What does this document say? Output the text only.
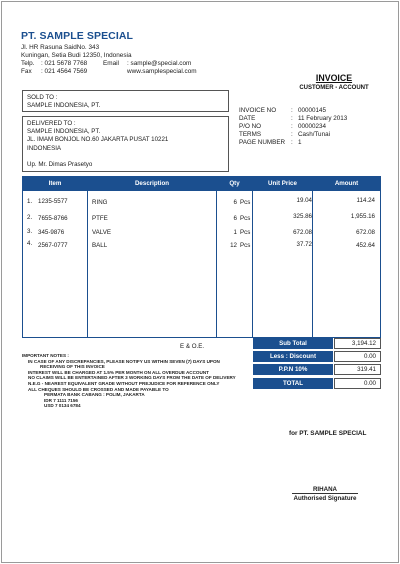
PT. SAMPLE SPECIAL
Jl. HR Rasuna SaidNo. 343
Kuningan, Setia Budi 12350, Indonesia
Telp. : 021 5678 7768 Email : sample@special.com
Fax : 021 4564 7569	www.samplespecial.com
INVOICE
CUSTOMER - ACCOUNT
SOLD TO :
SAMPLE INDONESIA, PT.
DELIVERED TO :
SAMPLE INDONESIA, PT.
JL. IMAM BONJOL NO.60 JAKARTA PUSAT 10221
INDONESIA
Up. Mr. Dimas Prasetyo
INVOICE NO	: 00000145
DATE	: 11 February 2013
P/O NO	: 00000234
TERMS	: Cash/Tunai
PAGE NUMBER : 1
Item	Description	Qty	Unit Price	Amount
1. 1235-5577	RING	6 Pcs	19.04	114.24
2. 7655-8766	PTFE	6 Pcs	325.86	1,955.16
3. 345-9876	VALVE	1 Pcs	672.08	672.08
4. 2567-0777	BALL	12 Pcs	37.72	452.64
E & O.E.	Sub Total	3,194.12
Less : Discount	0.00
P.P.N 10%	319.41
TOTAL	0.00
IMPORTANT NOTES :
IN CASE OF ANY DISCREPANCIES, PLEASE NOTIFY US WITHIN SEVEN (7) DAYS UPON
RECEIVING OF THIS INVOICE
INTEREST WILL BE CHARGED AT 1.5% PER MONTH ON ALL OVERDUE ACCOUNT
NO CLAIMS WILL BE ENTERTAINED AFTER 3 WORKING DAYS FROM THE DATE OF DELIVERY
N.E.G - NEAREST EQUIVALENT GRADE WITHOUT PREJUDICE FOR REFERENCE ONLY
ALL CHEQUES SHOULD BE CROSSED AND MADE PAYABLE TO
PERMATA BANK CABANG : POLIM, JAKARTA
IDR 7 1111 7156
USD 7 0134 6784
for PT. SAMPLE SPECIAL
RIHANA
Authorised Signature
